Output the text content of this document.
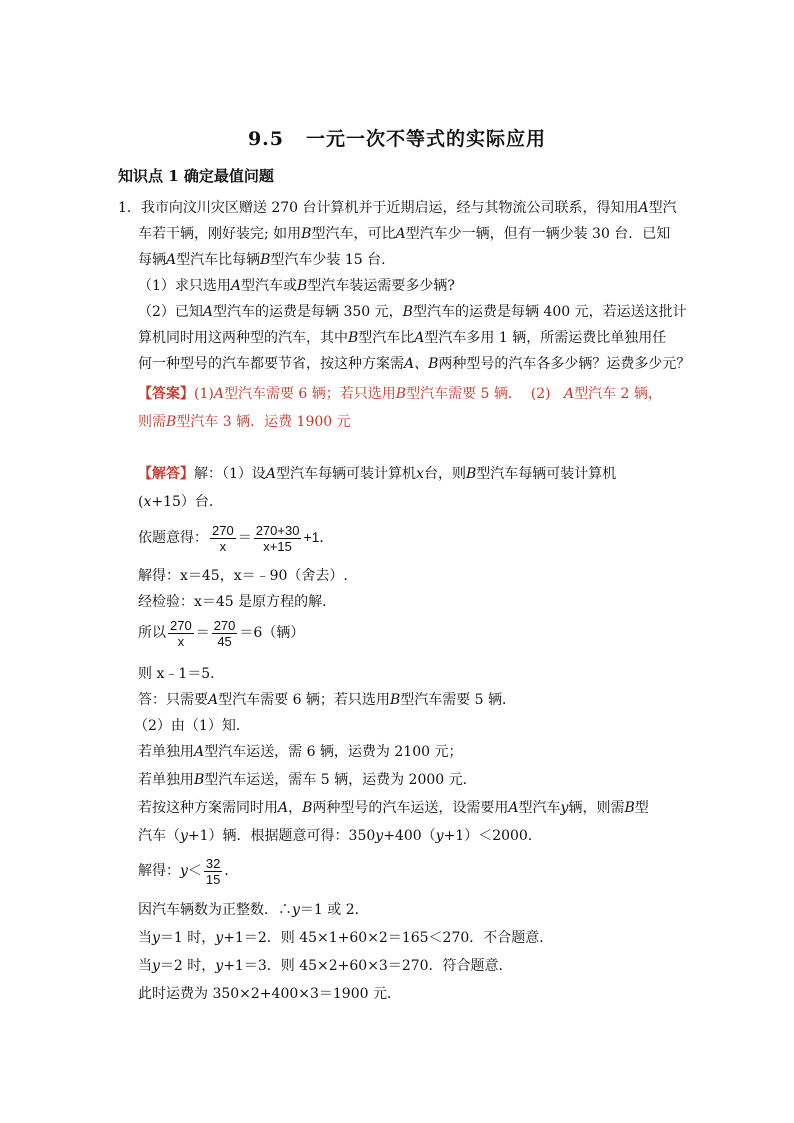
9.5 一元一次不等式的实际应用
知识点 1 确定最值问题
1．我市向汶川灾区赠送 270 台计算机并于近期启运，经与其物流公司联系，得知用A型汽
车若干辆，刚好装完; 如用B型汽车，可比A型汽车少一辆，但有一辆少装 30 台．已知
每辆A型汽车比每辆B型汽车少装 15 台.
（1）求只选用A型汽车或B型汽车装运需要多少辆?
（2）已知A型汽车的运费是每辆 350 元，B型汽车的运费是每辆 400 元，若运送这批计
算机同时用这两种型的汽车，其中B型汽车比A型汽车多用 1 辆，所需运费比单独用任
何一种型号的汽车都要节省，按这种方案需A、B两种型号的汽车各多少辆？运费多少元？
【答案】(1)A型汽车需要 6 辆；若只选用B型汽车需要 5 辆．  (2)   A型汽车 2 辆，
则需B型汽车 3 辆．运费 1900 元
【解答】解：（1）设A型汽车每辆可装计算机x台，则B型汽车每辆可装计算机
(x+15）台．
依题意得： $\frac{270}{x} = \frac{270+30}{x+15} +1$．
解得：x＝45，x＝﹣90（舍去）.
经检验：x＝45 是原方程的解．
所以 $\frac{270}{x} = \frac{270}{45} =6$（辆）
则 x﹣1＝5．
答：只需要A型汽车需要 6 辆；若只选用B型汽车需要 5 辆．
（2）由（1）知．
若单独用A型汽车运送，需 6 辆，运费为 2100 元；
若单独用B型汽车运送，需车 5 辆，运费为 2000 元．
若按这种方案需同时用A，B两种型号的汽车运送，设需要用A型汽车y辆，则需B型
汽车（y+1）辆．根据题意可得：350y+400（y+1）＜2000．
解得：$y< \frac{32}{15}$ ．
因汽车辆数为正整数．∴y＝1 或 2．
当y＝1 时，y+1＝2．则 45×1+60×2＝165＜270．不合题意．
当y＝2 时，y+1＝3．则 45×2+60×3＝270．符合题意．
此时运费为 350×2+400×3＝1900 元．
